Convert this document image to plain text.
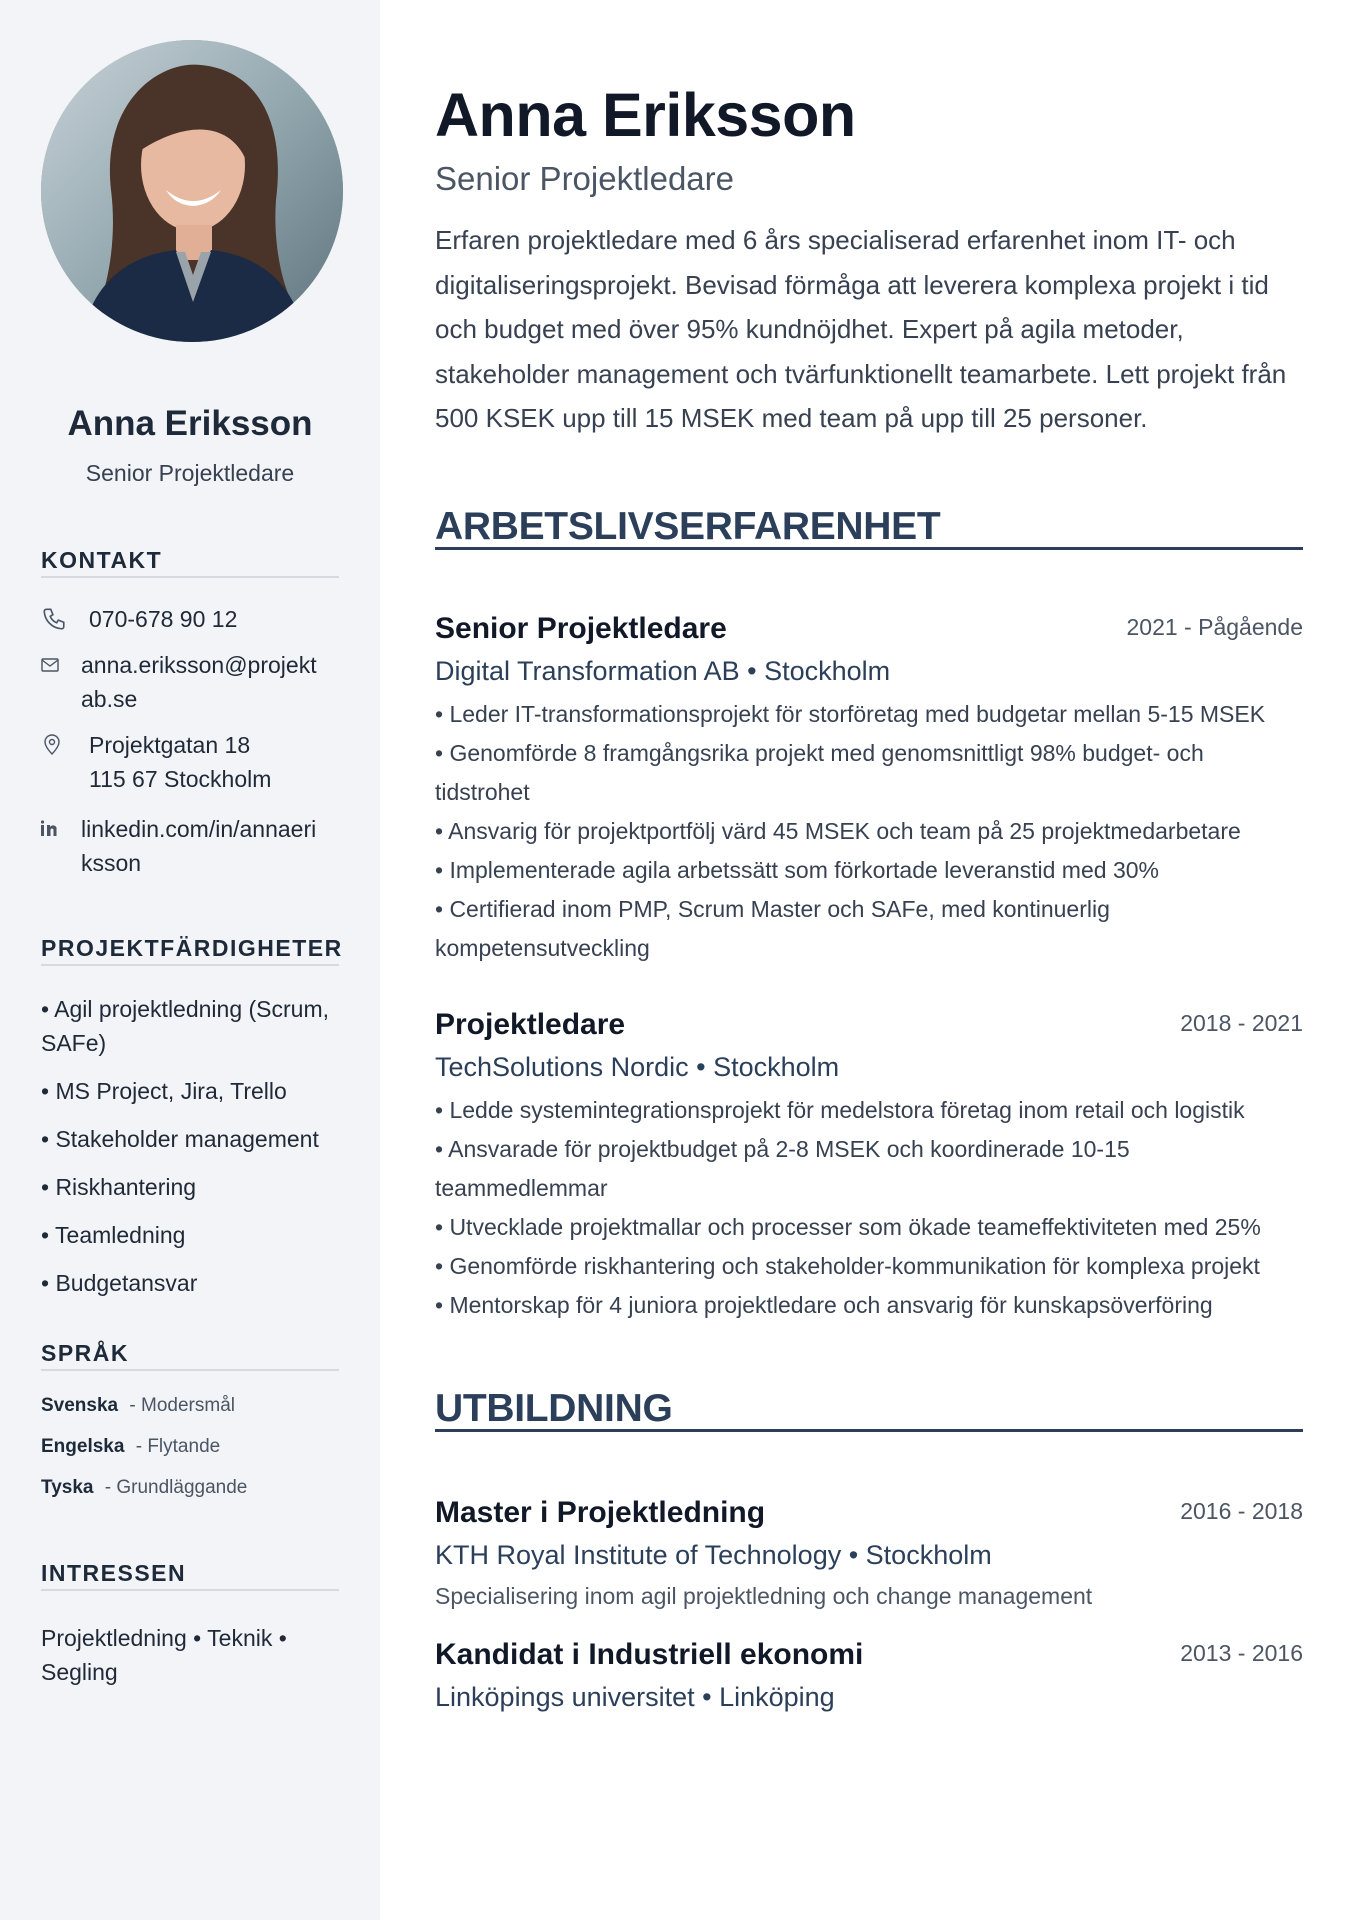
Anna Eriksson
Senior Projektledare
KONTAKT
070-678 90 12
anna.eriksson@projekt
ab.se
Projektgatan 18
115 67 Stockholm
linkedin.com/in/annaeri
ksson
PROJEKTFÄRDIGHETER
• Agil projektledning (Scrum, SAFe)
• MS Project, Jira, Trello
• Stakeholder management
• Riskhantering
• Teamledning
• Budgetansvar
SPRÅK
Svenska - Modersmål
Engelska - Flytande
Tyska - Grundläggande
INTRESSEN
Projektledning • Teknik • Segling
Anna Eriksson
Senior Projektledare
Erfaren projektledare med 6 års specialiserad erfarenhet inom IT- och digitaliseringsprojekt. Bevisad förmåga att leverera komplexa projekt i tid och budget med över 95% kundnöjdhet. Expert på agila metoder, stakeholder management och tvärfunktionellt teamarbete. Lett projekt från 500 KSEK upp till 15 MSEK med team på upp till 25 personer.
ARBETSLIVSERFARENHET
Senior Projektledare	2021 - Pågående
Digital Transformation AB • Stockholm
• Leder IT-transformationsprojekt för storföretag med budgetar mellan 5-15 MSEK
• Genomförde 8 framgångsrika projekt med genomsnittligt 98% budget- och tidstrohet
• Ansvarig för projektportfölj värd 45 MSEK och team på 25 projektmedarbetare
• Implementerade agila arbetssätt som förkortade leveranstid med 30%
• Certifierad inom PMP, Scrum Master och SAFe, med kontinuerlig kompetensutveckling
Projektledare	2018 - 2021
TechSolutions Nordic • Stockholm
• Ledde systemintegrationsprojekt för medelstora företag inom retail och logistik
• Ansvarade för projektbudget på 2-8 MSEK och koordinerade 10-15 teammedlemmar
• Utvecklade projektmallar och processer som ökade teameffektiviteten med 25%
• Genomförde riskhantering och stakeholder-kommunikation för komplexa projekt
• Mentorskap för 4 juniora projektledare och ansvarig för kunskapsöverföring
UTBILDNING
Master i Projektledning	2016 - 2018
KTH Royal Institute of Technology • Stockholm
Specialisering inom agil projektledning och change management
Kandidat i Industriell ekonomi	2013 - 2016
Linköpings universitet • Linköping
